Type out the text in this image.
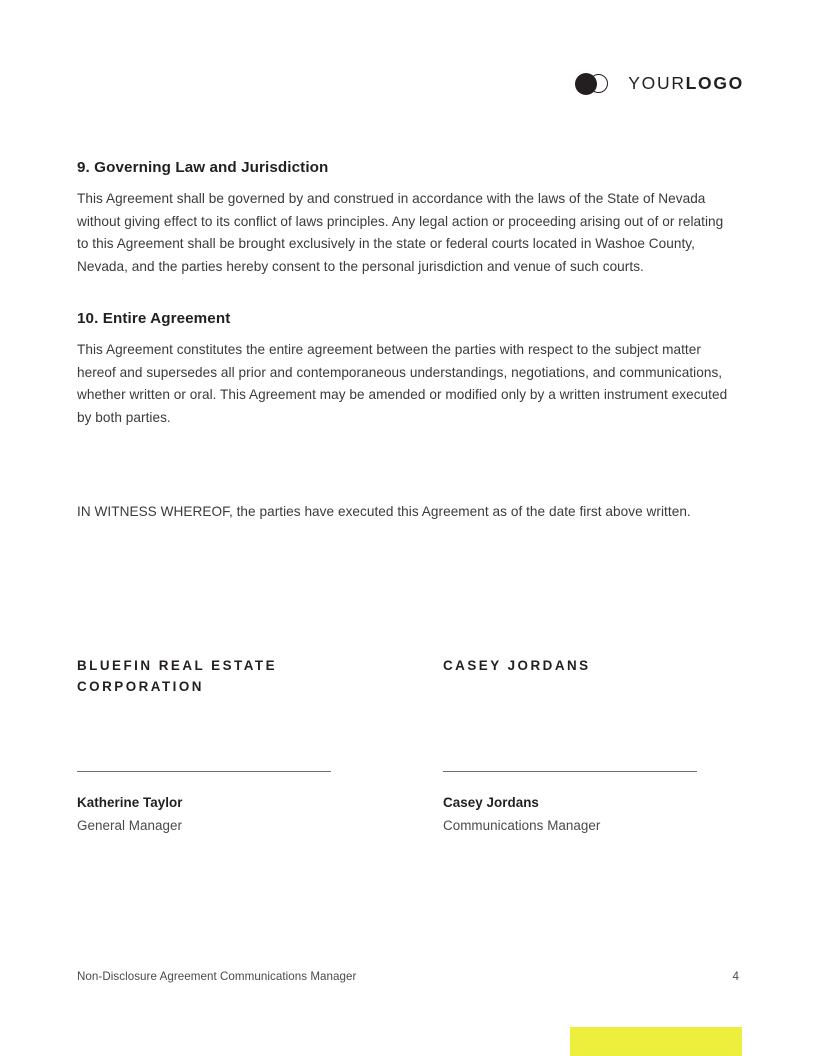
YOURLOGO
9. Governing Law and Jurisdiction

This Agreement shall be governed by and construed in accordance with the laws of the State of Nevada without giving effect to its conflict of laws principles. Any legal action or proceeding arising out of or relating to this Agreement shall be brought exclusively in the state or federal courts located in Washoe County, Nevada, and the parties hereby consent to the personal jurisdiction and venue of such courts.

10. Entire Agreement

This Agreement constitutes the entire agreement between the parties with respect to the subject matter hereof and supersedes all prior and contemporaneous understandings, negotiations, and communications, whether written or oral. This Agreement may be amended or modified only by a written instrument executed by both parties.

IN WITNESS WHEREOF, the parties have executed this Agreement as of the date first above written.

BLUEFIN REAL ESTATE CORPORATION

Katherine Taylor
General Manager

CASEY JORDANS

Casey Jordans
Communications Manager
Non-Disclosure Agreement Communications Manager	4
